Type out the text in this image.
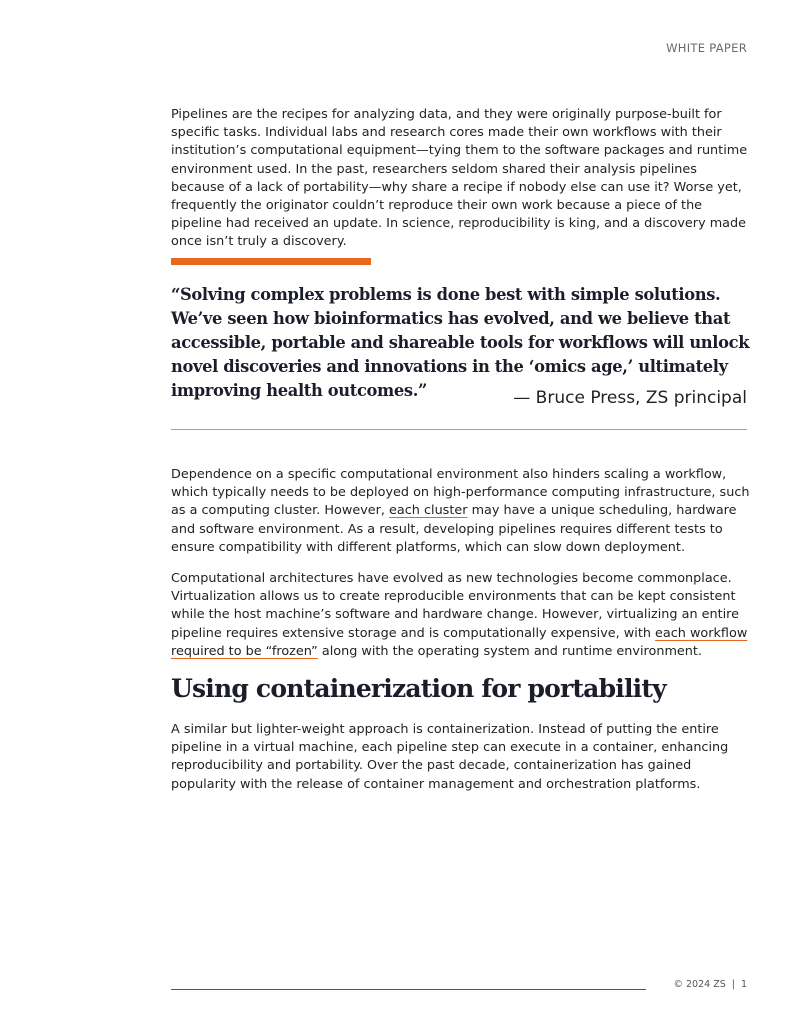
WHITE PAPER

Pipelines are the recipes for analyzing data, and they were originally purpose-built for specific tasks. Individual labs and research cores made their own workflows with their institution’s computational equipment—tying them to the software packages and runtime environment used. In the past, researchers seldom shared their analysis pipelines because of a lack of portability—why share a recipe if nobody else can use it? Worse yet, frequently the originator couldn’t reproduce their own work because a piece of the pipeline had received an update. In science, reproducibility is king, and a discovery made once isn’t truly a discovery.

“Solving complex problems is done best with simple solutions. We’ve seen how bioinformatics has evolved, and we believe that accessible, portable and shareable tools for workflows will unlock novel discoveries and innovations in the ‘omics age,’ ultimately improving health outcomes.”	— Bruce Press, ZS principal

Dependence on a specific computational environment also hinders scaling a workflow, which typically needs to be deployed on high-performance computing infrastructure, such as a computing cluster. However, each cluster may have a unique scheduling, hardware and software environment. As a result, developing pipelines requires different tests to ensure compatibility with different platforms, which can slow down deployment.

Computational architectures have evolved as new technologies become commonplace. Virtualization allows us to create reproducible environments that can be kept consistent while the host machine’s software and hardware change. However, virtualizing an entire pipeline requires extensive storage and is computationally expensive, with each workflow required to be “frozen” along with the operating system and runtime environment.

Using containerization for portability

A similar but lighter-weight approach is containerization. Instead of putting the entire pipeline in a virtual machine, each pipeline step can execute in a container, enhancing reproducibility and portability. Over the past decade, containerization has gained popularity with the release of container management and orchestration platforms.

© 2024 ZS | 1
